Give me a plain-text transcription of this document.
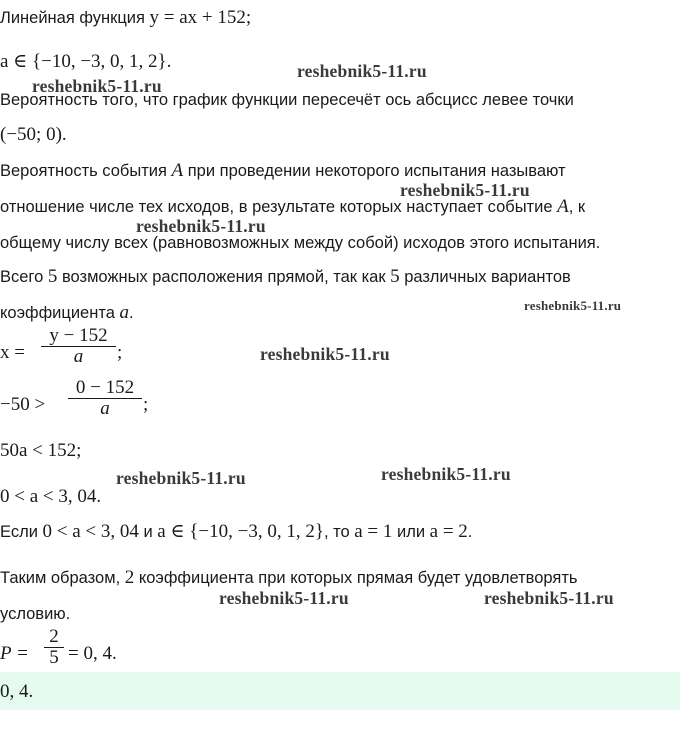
Линейная функция y = ax + 152;
a ∈ {−10, −3, 0, 1, 2}.
Вероятность того, что график функции пересечёт ось абсцисс левее точки
(−50; 0).
Вероятность события A при проведении некоторого испытания называют
отношение числе тех исходов, в результате которых наступает событие A, к
общему числу всех (равновозможных между собой) исходов этого испытания.
Всего 5 возможных расположения прямой, так как 5 различных вариантов
коэффициента a.
x =
y − 152
a	;
−50 >
0 − 152
a	;
50a < 152;
0 < a < 3, 04.
Если 0 < a < 3, 04 и a ∈ {−10, −3, 0, 1, 2}, то a = 1 или a = 2.
Таким образом, 2 коэффициента при которых прямая будет удовлетворять
условию.
P =
2
5 = 0, 4.
0, 4.
reshebnik5-11.ru
reshebnik5-11.ru
reshebnik5-11.ru
reshebnik5-11.ru
reshebnik5-11.ru
reshebnik5-11.ru
reshebnik5-11.ru	reshebnik5-11.ru
reshebnik5-11.ru	reshebnik5-11.ru
